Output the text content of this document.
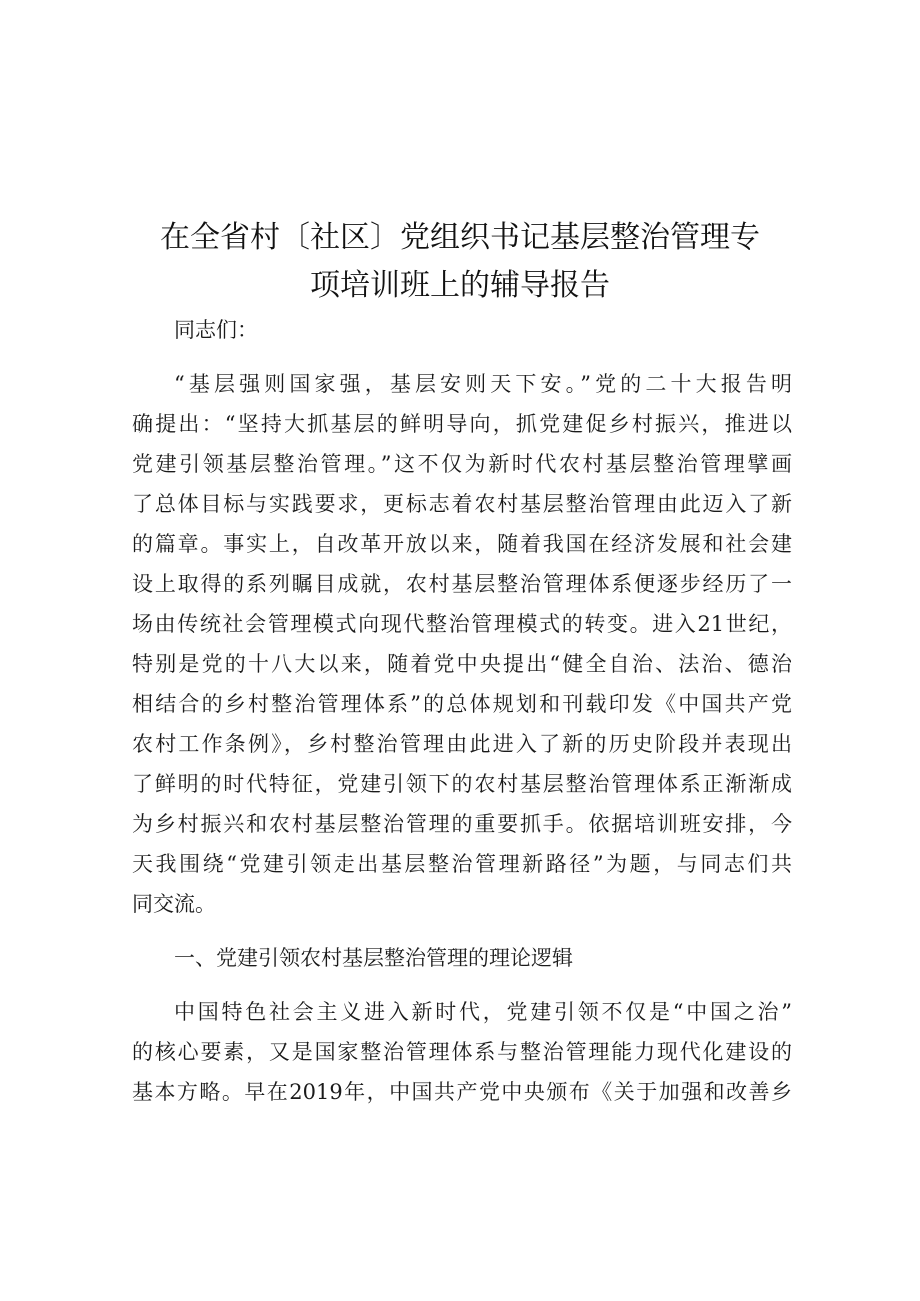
在全省村〔社区〕党组织书记基层整治管理专
项培训班上的辅导报告
同志们：
“基层强则国家强，基层安则天下安。”党的二十大报告明
确提出：“坚持大抓基层的鲜明导向，抓党建促乡村振兴，推进以
党建引领基层整治管理。”这不仅为新时代农村基层整治管理擘画
了总体目标与实践要求，更标志着农村基层整治管理由此迈入了新
的篇章。事实上，自改革开放以来，随着我国在经济发展和社会建
设上取得的系列瞩目成就，农村基层整治管理体系便逐步经历了一
场由传统社会管理模式向现代整治管理模式的转变。进入21世纪，
特别是党的十八大以来，随着党中央提出“健全自治、法治、德治
相结合的乡村整治管理体系”的总体规划和刊载印发《中国共产党
农村工作条例》，乡村整治管理由此进入了新的历史阶段并表现出
了鲜明的时代特征，党建引领下的农村基层整治管理体系正渐渐成
为乡村振兴和农村基层整治管理的重要抓手。依据培训班安排，今
天我围绕“党建引领走出基层整治管理新路径”为题，与同志们共
同交流。
一、党建引领农村基层整治管理的理论逻辑
中国特色社会主义进入新时代，党建引领不仅是“中国之治”
的核心要素，又是国家整治管理体系与整治管理能力现代化建设的
基本方略。早在2019年，中国共产党中央颁布《关于加强和改善乡
